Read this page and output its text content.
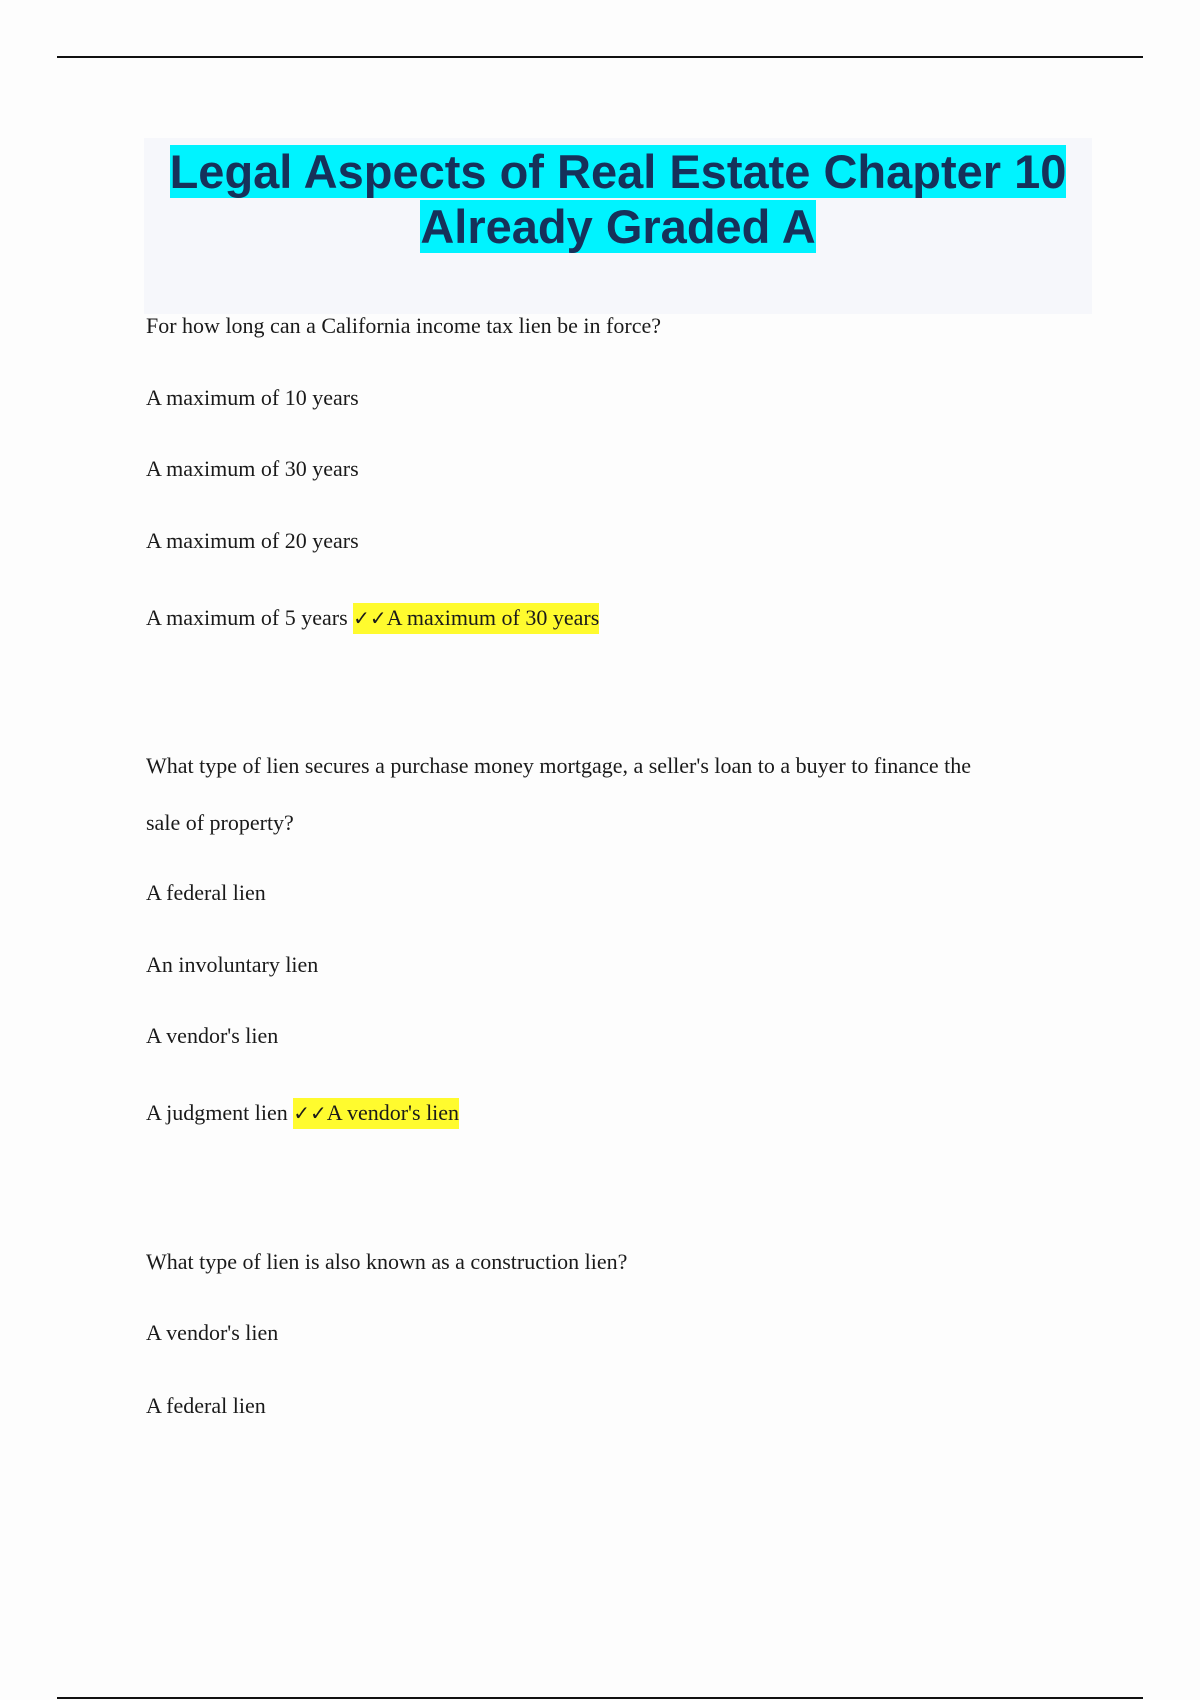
Legal Aspects of Real Estate Chapter 10
Already Graded A
For how long can a California income tax lien be in force?
A maximum of 10 years
A maximum of 30 years
A maximum of 20 years
A maximum of 5 years ✓✓A maximum of 30 years
What type of lien secures a purchase money mortgage, a seller's loan to a buyer to finance the
sale of property?
A federal lien
An involuntary lien
A vendor's lien
A judgment lien ✓✓A vendor's lien
What type of lien is also known as a construction lien?
A vendor's lien
A federal lien
